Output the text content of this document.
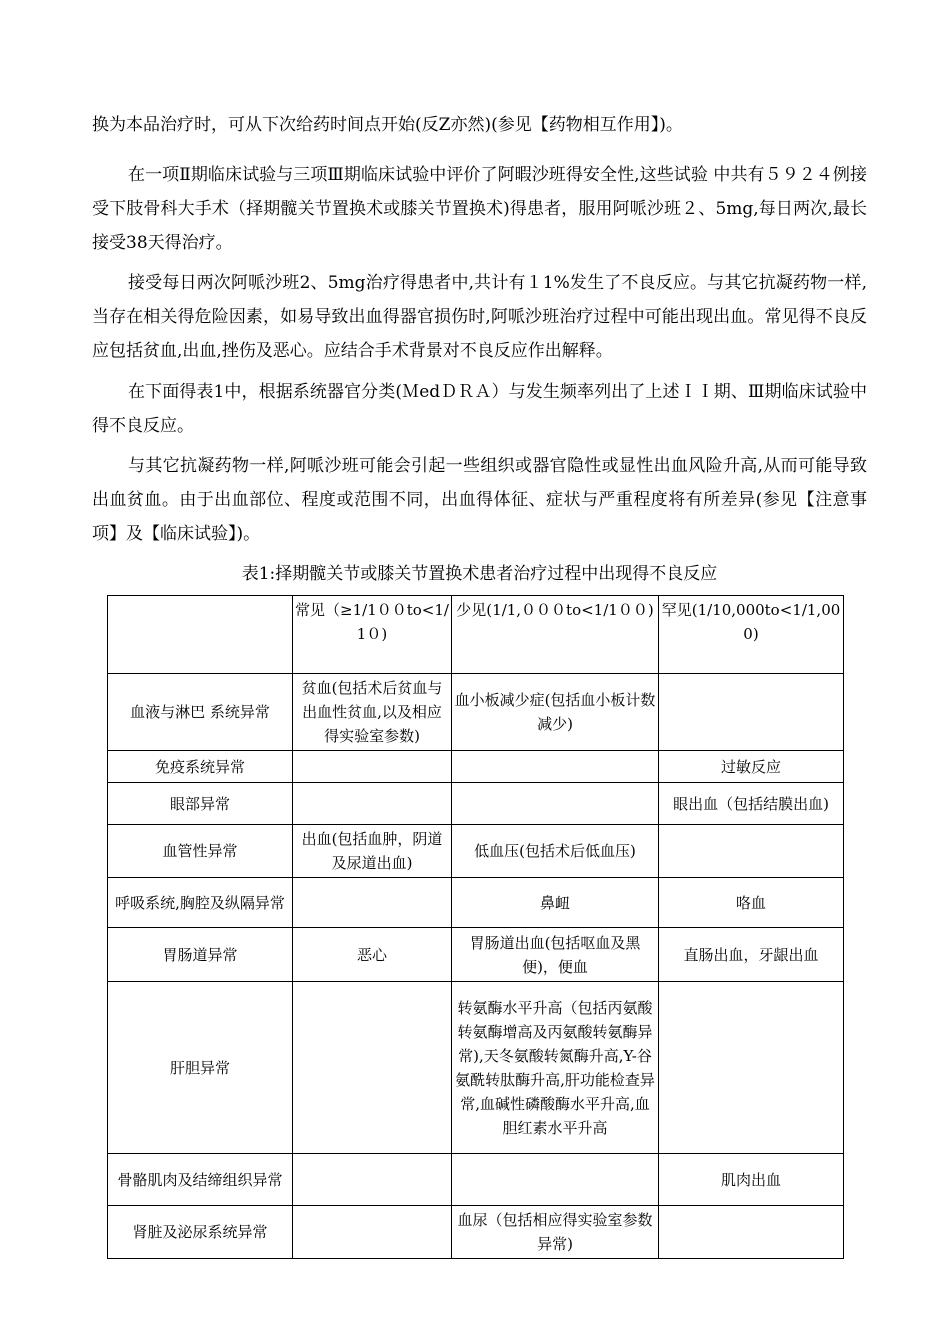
换为本品治疗时，可从下次给药时间点开始(反Z亦然)(参见【药物相互作用】)。

在一项Ⅱ期临床试验与三项Ⅲ期临床试验中评价了阿暇沙班得安全性,这些试验 中共有５９２４例接受下肢骨科大手术（择期髋关节置换术或膝关节置换术)得患者，服用阿哌沙班２、5mg,每日两次,最长接受38天得治疗。

接受每日两次阿哌沙班2、5mg治疗得患者中,共计有１1%发生了不良反应。与其它抗凝药物一样,当存在相关得危险因素，如易导致出血得器官损伤时,阿哌沙班治疗过程中可能出现出血。常见得不良反应包括贫血,出血,挫伤及恶心。应结合手术背景对不良反应作出解释。

在下面得表1中，根据系统器官分类(ＭedＤＲＡ）与发生频率列出了上述ＩＩ期、Ⅲ期临床试验中得不良反应。

与其它抗凝药物一样,阿哌沙班可能会引起一些组织或器官隐性或显性出血风险升高,从而可能导致出血贫血。由于出血部位、程度或范围不同，出血得体征、症状与严重程度将有所差异(参见【注意事项】及【临床试验】)。

表1:择期髋关节或膝关节置换术患者治疗过程中出现得不良反应

	常见（≥1/1００to<1/1０)	少见(1/1,０００to<1/1００)	罕见(1/10,000to<1/1,000)
血液与淋巴 系统异常	贫血(包括术后贫血与出血性贫血,以及相应得实验室参数)	血小板减少症(包括血小板计数减少)	
免疫系统异常			过敏反应
眼部异常			眼出血（包括结膜出血)
血管性异常	出血(包括血肿，阴道及尿道出血)	低血压(包括术后低血压)	
呼吸系统,胸腔及纵隔异常		鼻衄	咯血
胃肠道异常	恶心	胃肠道出血(包括呕血及黑便)，便血	直肠出血，牙龈出血
肝胆异常		转氨酶水平升高（包括丙氨酸转氨酶增高及丙氨酸转氨酶异常),天冬氨酸转氮酶升高,Y-谷氨酰转肽酶升高,肝功能检查异常,血碱性磷酸酶水平升高,血胆红素水平升高	
骨骼肌肉及结缔组织异常			肌肉出血
肾脏及泌尿系统异常		血尿（包括相应得实验室参数异常)	
